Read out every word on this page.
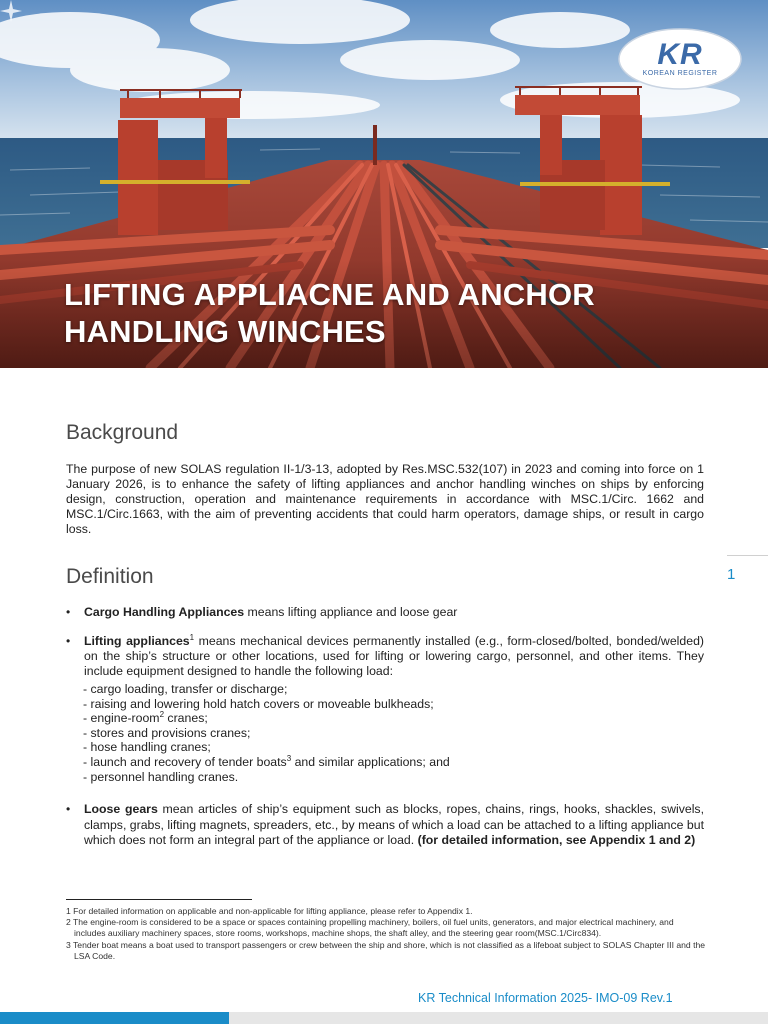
LIFTING APPLIACNE AND ANCHOR
HANDLING WINCHES
KR
KOREAN REGISTER
Background
The purpose of new SOLAS regulation II-1/3-13, adopted by Res.MSC.532(107) in 2023 and coming into force on 1 January 2026, is to enhance the safety of lifting appliances and anchor handling winches on ships by enforcing design, construction, operation and maintenance requirements in accordance with MSC.1/Circ. 1662 and MSC.1/Circ.1663, with the aim of preventing accidents that could harm operators, damage ships, or result in cargo loss.
1
Definition
• Cargo Handling Appliances means lifting appliance and loose gear
• Lifting appliances$^1$ means mechanical devices permanently installed (e.g., form-closed/bolted, bonded/welded) on the ship’s structure or other locations, used for lifting or lowering cargo, personnel, and other items. They include equipment designed to handle the following load:
- cargo loading, transfer or discharge;
- raising and lowering hold hatch covers or moveable bulkheads;
- engine-room$^2$ cranes;
- stores and provisions cranes;
- hose handling cranes;
- launch and recovery of tender boats$^3$ and similar applications; and
- personnel handling cranes.
• Loose gears mean articles of ship’s equipment such as blocks, ropes, chains, rings, hooks, shackles, swivels, clamps, grabs, lifting magnets, spreaders, etc., by means of which a load can be attached to a lifting appliance but which does not form an integral part of the appliance or load. (for detailed information, see Appendix 1 and 2)
1 For detailed information on applicable and non-applicable for lifting appliance, please refer to Appendix 1.
2 The engine-room is considered to be a space or spaces containing propelling machinery, boilers, oil fuel units, generators, and major electrical machinery, and includes auxiliary machinery spaces, store rooms, workshops, machine shops, the shaft alley, and the steering gear room(MSC.1/Circ834).
3 Tender boat means a boat used to transport passengers or crew between the ship and shore, which is not classified as a lifeboat subject to SOLAS Chapter III and the LSA Code.
KR Technical Information 2025- IMO-09 Rev.1
